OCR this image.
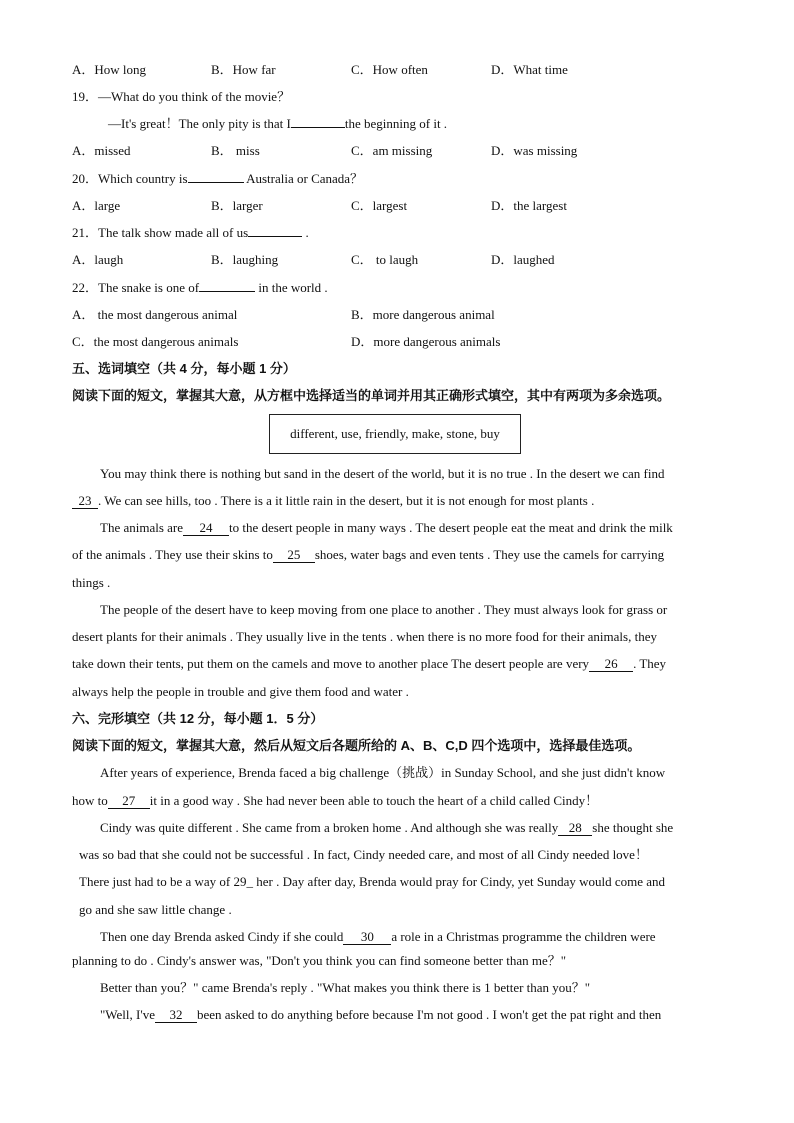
A．How long	B．How far	C．How often	D．What time
19．—What do you think of the movie？
—It's great！The only pity is that I	the beginning of it .
A．missed	B． miss	C．am missing	D．was missing
20．Which country is	Australia or Canada？
A．large	B．larger	C．largest	D．the largest
21．The talk show made all of us	.
A．laugh	B．laughing	C． to laugh	D．laughed
22．The snake is one of	in the world .
A． the most dangerous animal	B．more dangerous animal
C．the most dangerous animals	D．more dangerous animals
五、选词填空（共 4 分，每小题 1 分）
阅读下面的短文，掌握其大意，从方框中选择适当的单词并用其正确形式填空，其中有两项为多余选项。
different, use, friendly, make, stone, buy
You may think there is nothing but sand in the desert of the world, but it is no true . In the desert we can find
23 . We can see hills, too . There is a it little rain in the desert, but it is not enough for most plants .
The animals are 24 to the desert people in many ways . The desert people eat the meat and drink the milk
of the animals . They use their skins to 25 shoes, water bags and even tents . They use the camels for carrying
things .
The people of the desert have to keep moving from one place to another . They must always look for grass or
desert plants for their animals . They usually live in the tents . when there is no more food for their animals, they
take down their tents, put them on the camels and move to another place The desert people are very 26 . They
always help the people in trouble and give them food and water .
六、完形填空（共 12 分，每小题 1．5 分）
阅读下面的短文，掌握其大意，然后从短文后各题所给的 A、B、C,D 四个选项中，选择最佳选项。
After years of experience, Brenda faced a big challenge（挑战）in Sunday School, and she just didn't know
how to 27 it in a good way . She had never been able to touch the heart of a child called Cindy！
Cindy was quite different . She came from a broken home . And although she was really 28 she thought she
was so bad that she could not be successful . In fact, Cindy needed care, and most of all Cindy needed love！
There just had to be a way of 29_ her . Day after day, Brenda would pray for Cindy, yet Sunday would come and
go and she saw little change .
Then one day Brenda asked Cindy if she could 30 a role in a Christmas programme the children were
planning to do . Cindy's answer was, "Don't you think you can find someone better than me？"
Better than you？" came Brenda's reply . "What makes you think there is 1 better than you？"
"Well, I've 32 been asked to do anything before because I'm not good . I won't get the pat right and then
